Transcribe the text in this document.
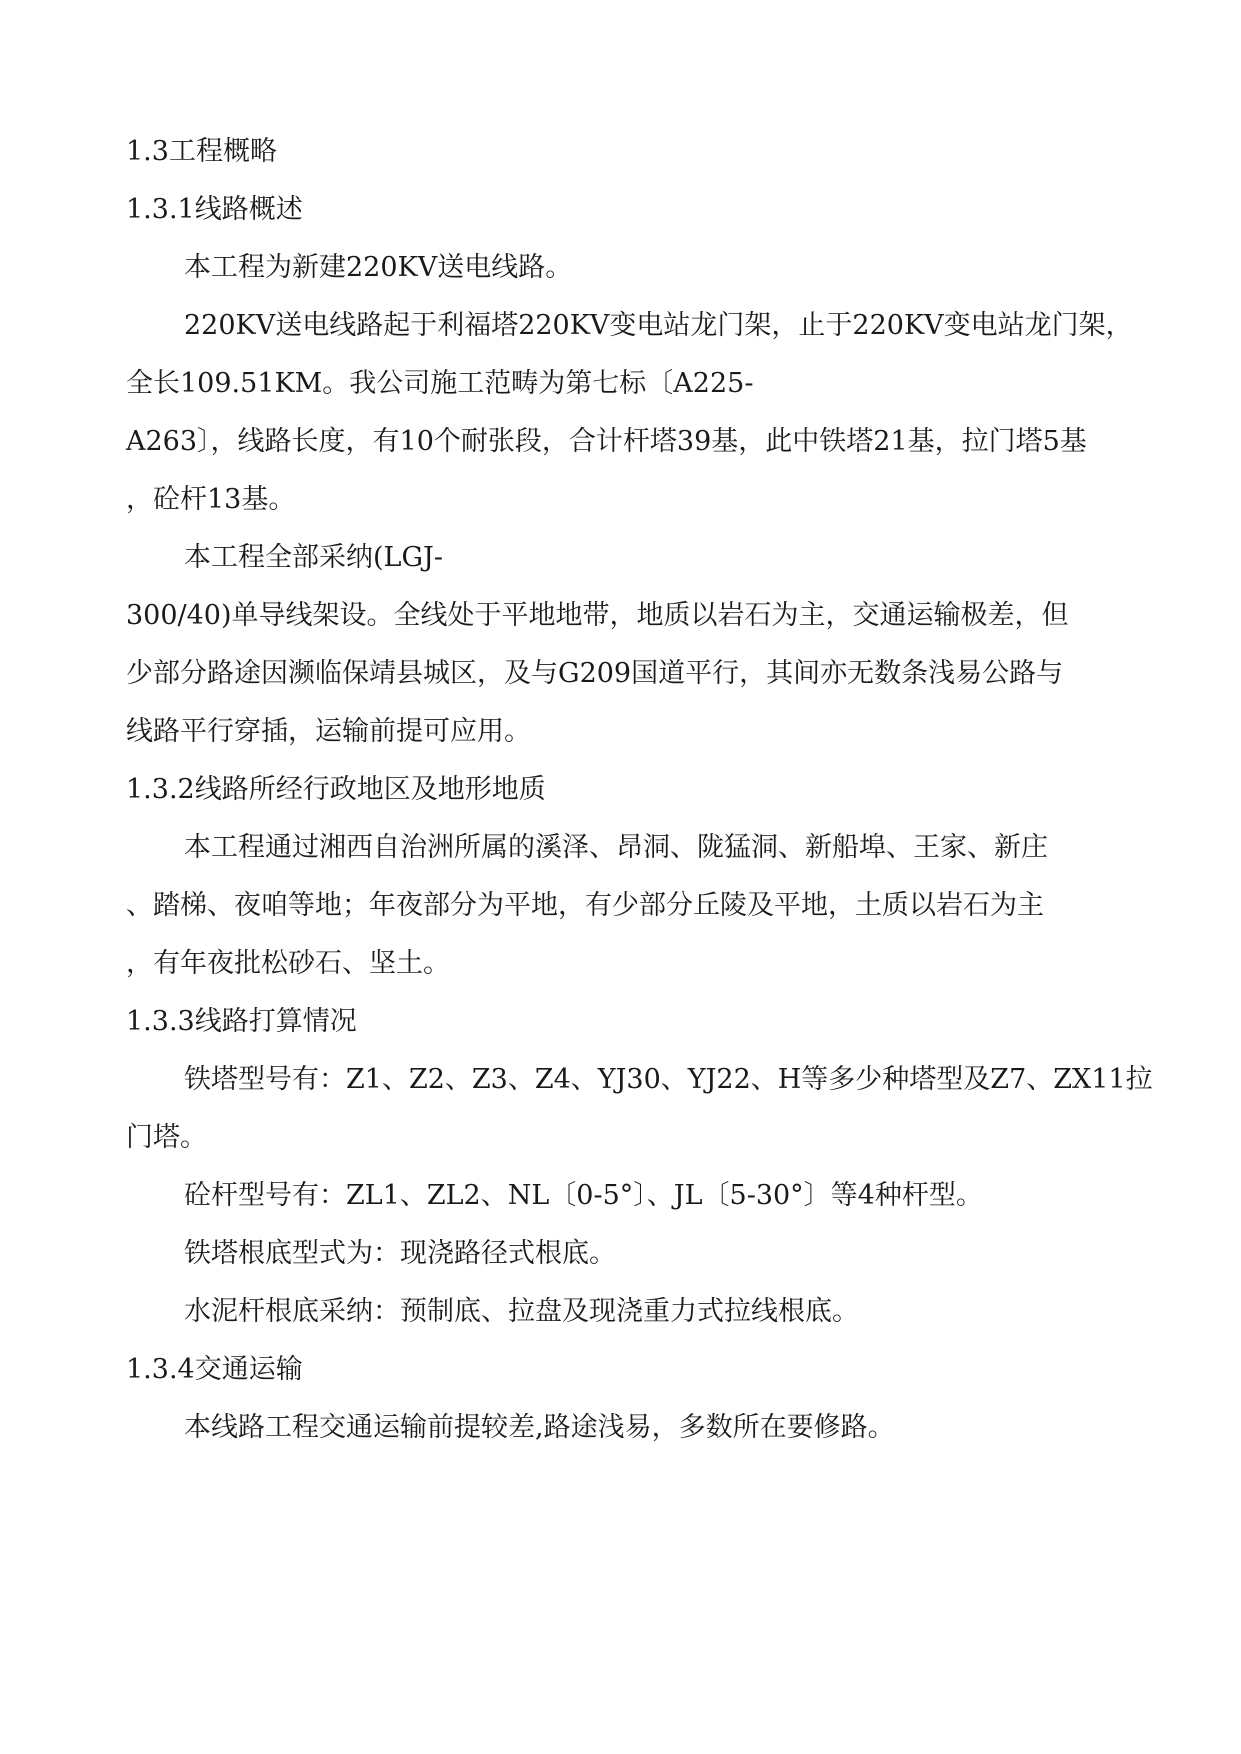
1.3工程概略
1.3.1线路概述
本工程为新建220KV送电线路。
220KV送电线路起于利福塔220KV变电站龙门架，止于220KV变电站龙门架，
全长109.51KM。我公司施工范畴为第七标〔A225-
A263〕，线路长度，有10个耐张段，合计杆塔39基，此中铁塔21基，拉门塔5基
，砼杆13基。
本工程全部采纳(LGJ-
300/40)单导线架设。全线处于平地地带，地质以岩石为主，交通运输极差，但
少部分路途因濒临保靖县城区，及与G209国道平行，其间亦无数条浅易公路与
线路平行穿插，运输前提可应用。
1.3.2线路所经行政地区及地形地质
本工程通过湘西自治洲所属的溪泽、昂洞、陇猛洞、新船埠、王家、新庄
、踏梯、夜咱等地；年夜部分为平地，有少部分丘陵及平地，土质以岩石为主
，有年夜批松砂石、坚土。
1.3.3线路打算情况
铁塔型号有：Z1、Z2、Z3、Z4、YJ30、YJ22、H等多少种塔型及Z7、ZX11拉
门塔。
砼杆型号有：ZL1、ZL2、NL〔0-5°〕、JL〔5-30°〕等4种杆型。
铁塔根底型式为：现浇路径式根底。
水泥杆根底采纳：预制底、拉盘及现浇重力式拉线根底。
1.3.4交通运输
本线路工程交通运输前提较差,路途浅易，多数所在要修路。
